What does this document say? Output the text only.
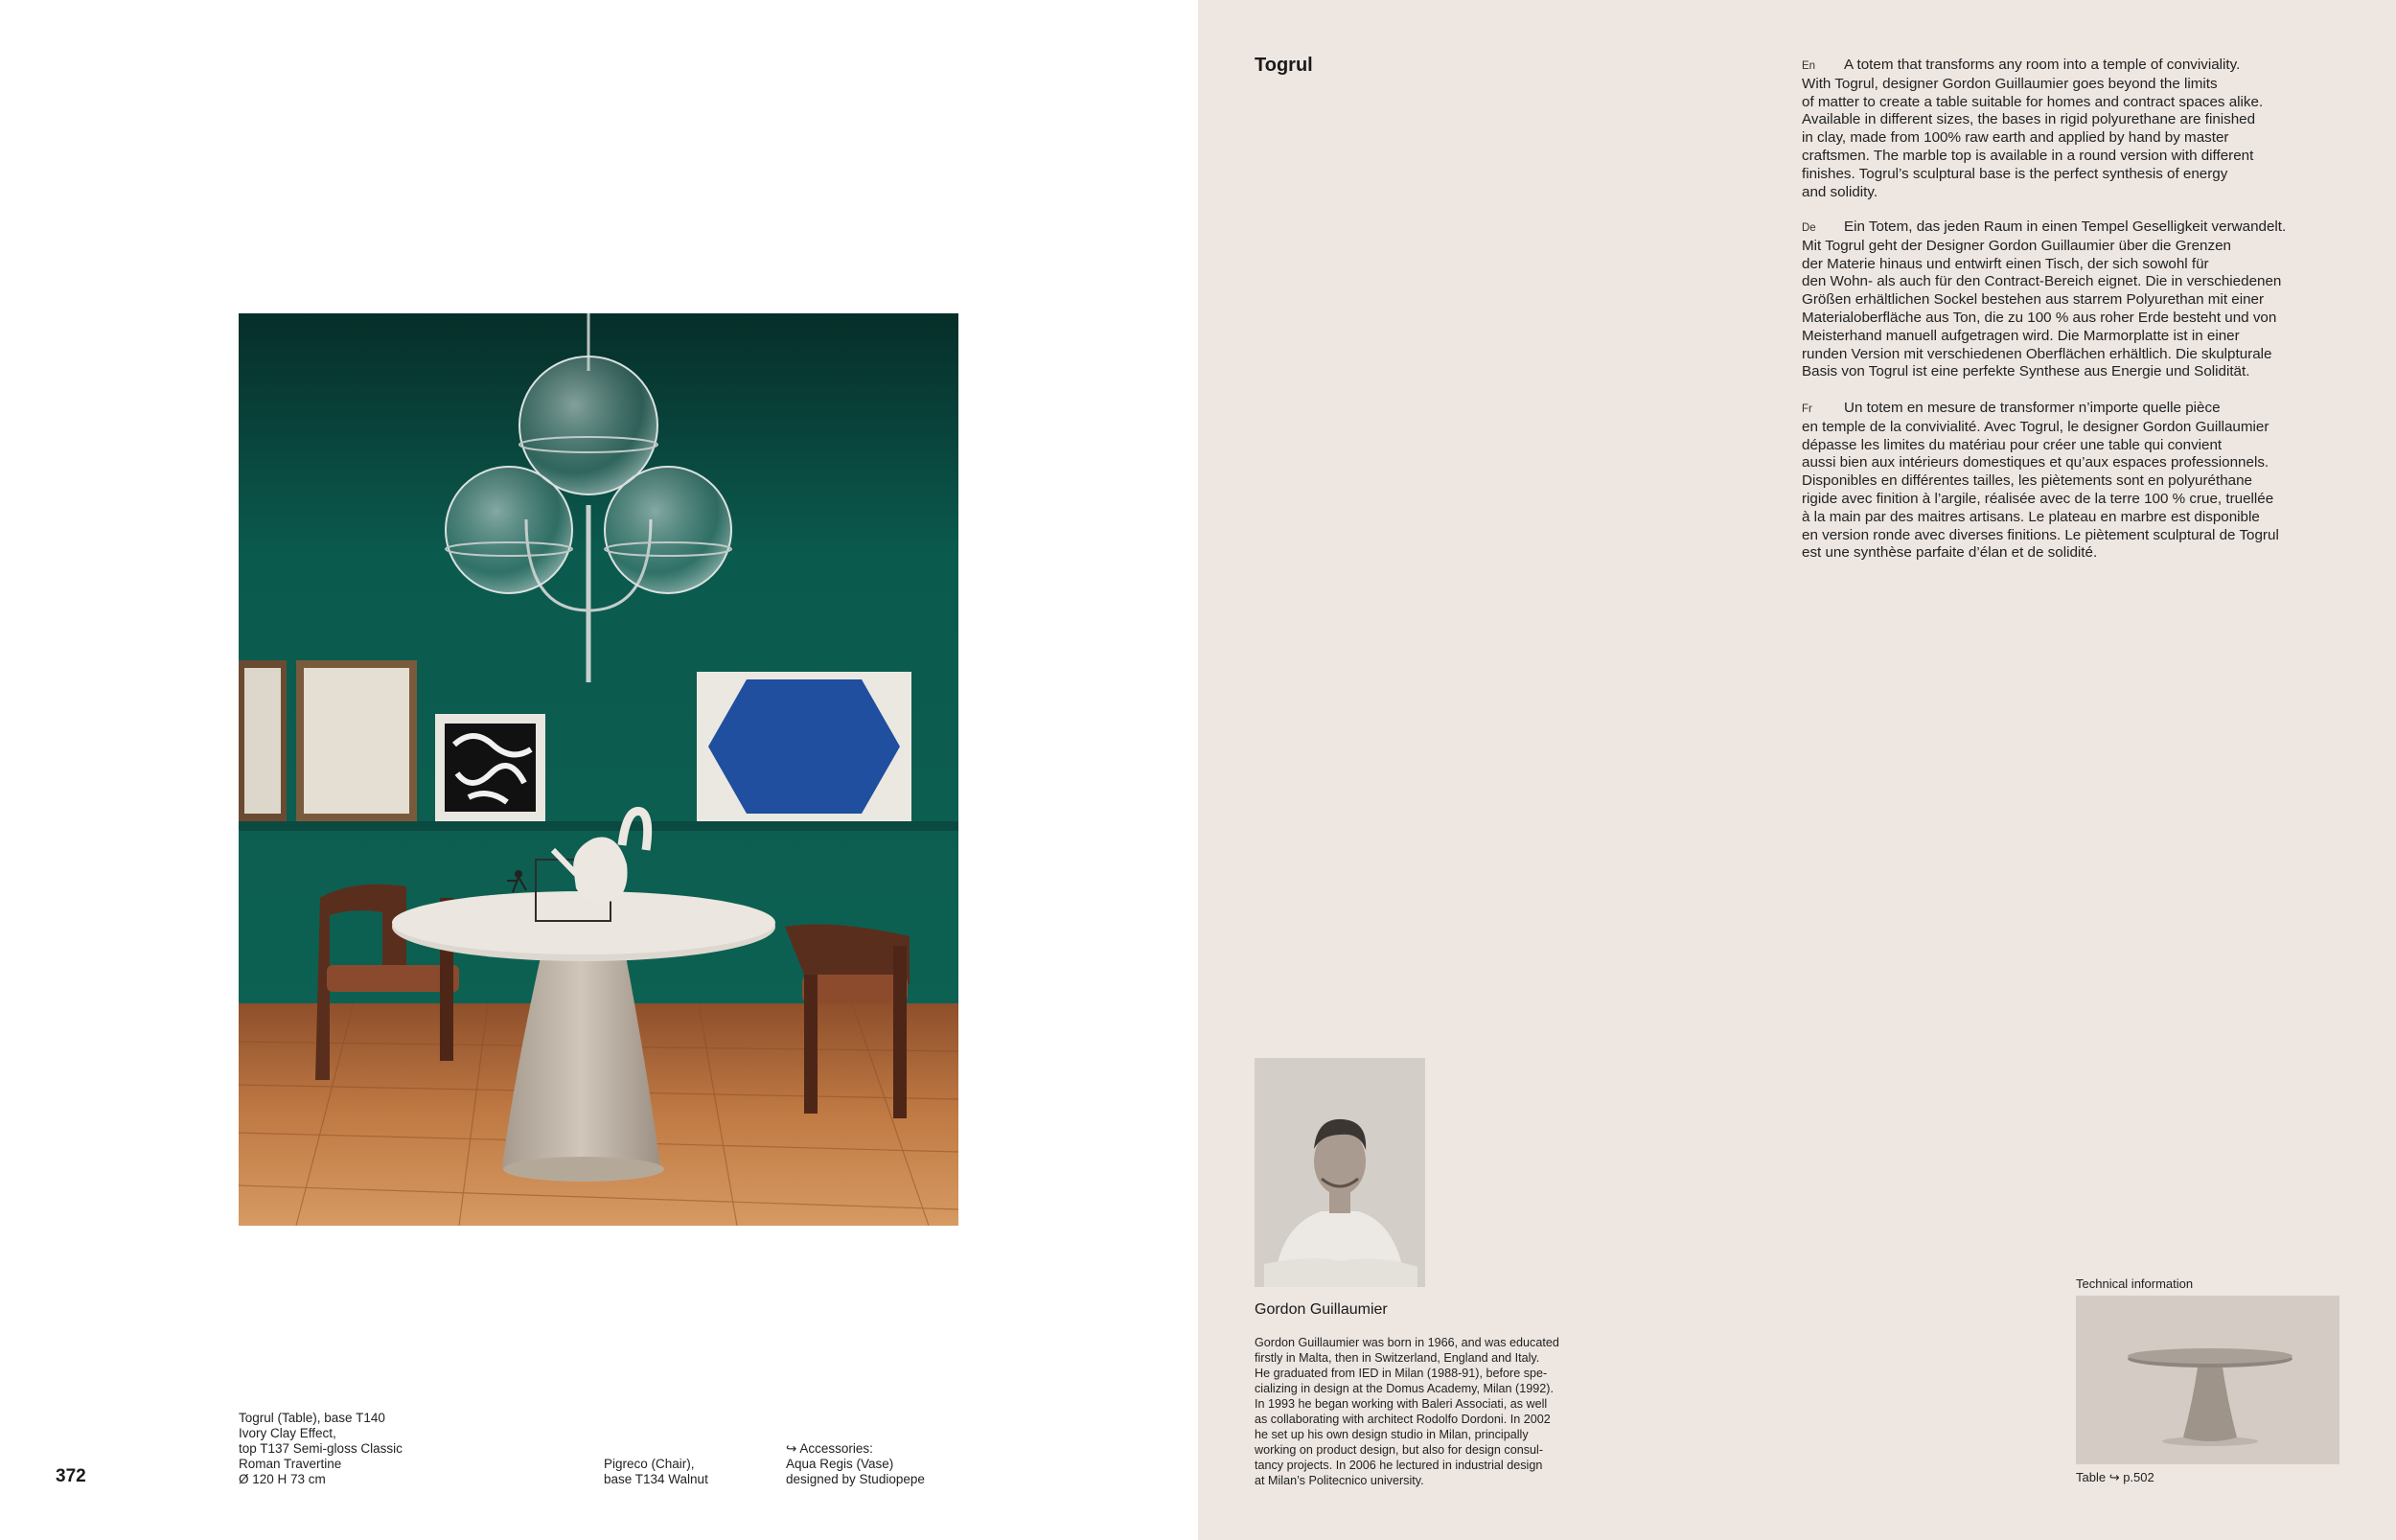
Togrul (Table), base T140
Ivory Clay Effect,
top T137 Semi-gloss Classic
Roman Travertine
Ø 120 H 73 cm
Pigreco (Chair),
base T134 Walnut
↪ Accessories:
Aqua Regis (Vase)
designed by Studiopepe
372
Togrul	En A totem that transforms any room into a temple of conviviality.
With Togrul, designer Gordon Guillaumier goes beyond the limits
of matter to create a table suitable for homes and contract spaces alike.
Available in different sizes, the bases in rigid polyurethane are finished
in clay, made from 100% raw earth and applied by hand by master
craftsmen. The marble top is available in a round version with different
finishes. Togrul’s sculptural base is the perfect synthesis of energy
and solidity.
De Ein Totem, das jeden Raum in einen Tempel Geselligkeit verwandelt.
Mit Togrul geht der Designer Gordon Guillaumier über die Grenzen
der Materie hinaus und entwirft einen Tisch, der sich sowohl für
den Wohn- als auch für den Contract-Bereich eignet. Die in verschiedenen
Größen erhältlichen Sockel bestehen aus starrem Polyurethan mit einer
Materialoberfläche aus Ton, die zu 100 % aus roher Erde besteht und von
Meisterhand manuell aufgetragen wird. Die Marmorplatte ist in einer
runden Version mit verschiedenen Oberflächen erhältlich. Die skulpturale
Basis von Togrul ist eine perfekte Synthese aus Energie und Solidität.
Fr Un totem en mesure de transformer n’importe quelle pièce
en temple de la convivialité. Avec Togrul, le designer Gordon Guillaumier
dépasse les limites du matériau pour créer une table qui convient
aussi bien aux intérieurs domestiques et qu’aux espaces professionnels.
Disponibles en différentes tailles, les piètements sont en polyuréthane
rigide avec finition à l’argile, réalisée avec de la terre 100 % crue, truellée
à la main par des maitres artisans. Le plateau en marbre est disponible
en version ronde avec diverses finitions. Le piètement sculptural de Togrul
est une synthèse parfaite d’élan et de solidité.
Gordon Guillaumier
Gordon Guillaumier was born in 1966, and was educated
firstly in Malta, then in Switzerland, England and Italy.
He graduated from IED in Milan (1988-91), before spe-
cializing in design at the Domus Academy, Milan (1992).
In 1993 he began working with Baleri Associati, as well
as collaborating with architect Rodolfo Dordoni. In 2002
he set up his own design studio in Milan, principally
working on product design, but also for design consul-
tancy projects. In 2006 he lectured in industrial design
at Milan’s Politecnico university.
Technical information
Table ↪ p.502
